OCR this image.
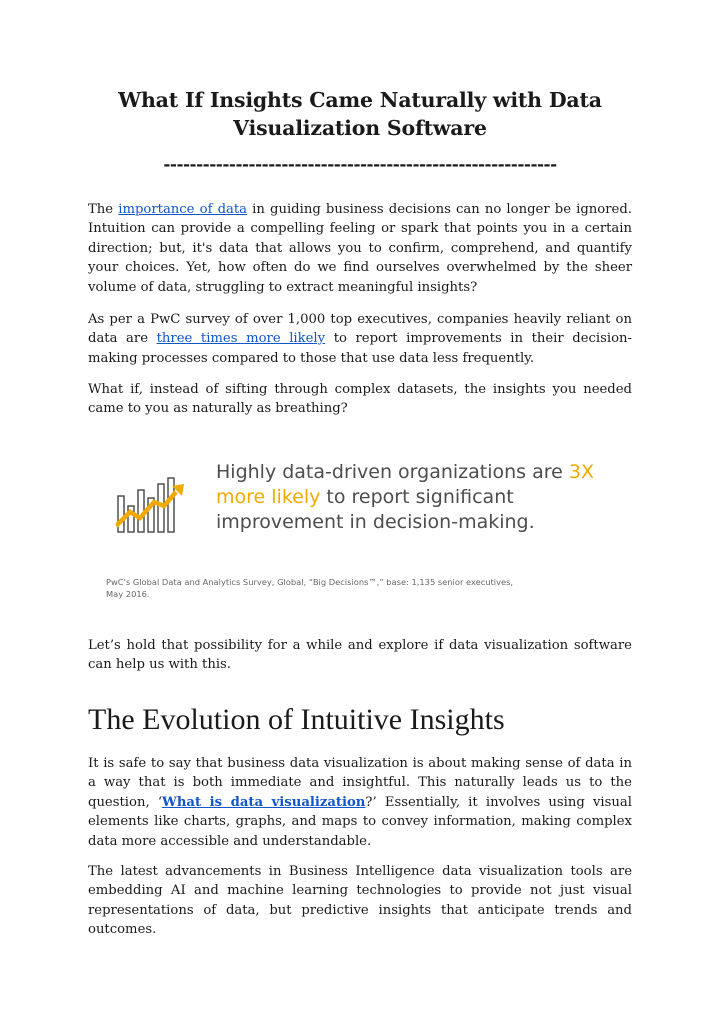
What If Insights Came Naturally with Data Visualization Software
------------------------------------------------------------

The importance of data in guiding business decisions can no longer be ignored. Intuition can provide a compelling feeling or spark that points you in a certain direction; but, it's data that allows you to confirm, comprehend, and quantify your choices. Yet, how often do we find ourselves overwhelmed by the sheer volume of data, struggling to extract meaningful insights?

As per a PwC survey of over 1,000 top executives, companies heavily reliant on data are three times more likely to report improvements in their decision-making processes compared to those that use data less frequently.

What if, instead of sifting through complex datasets, the insights you needed came to you as naturally as breathing?

Highly data-driven organizations are 3X
more likely to report significant improvement in decision-making.
PwC's Global Data and Analytics Survey, Global, “Big Decisions™,” base: 1,135 senior executives, May 2016.

Let’s hold that possibility for a while and explore if data visualization software can help us with this.

The Evolution of Intuitive Insights

It is safe to say that business data visualization is about making sense of data in a way that is both immediate and insightful. This naturally leads us to the question, ‘What is data visualization?’ Essentially, it involves using visual elements like charts, graphs, and maps to convey information, making complex data more accessible and understandable.

The latest advancements in Business Intelligence data visualization tools are embedding AI and machine learning technologies to provide not just visual representations of data, but predictive insights that anticipate trends and outcomes.
